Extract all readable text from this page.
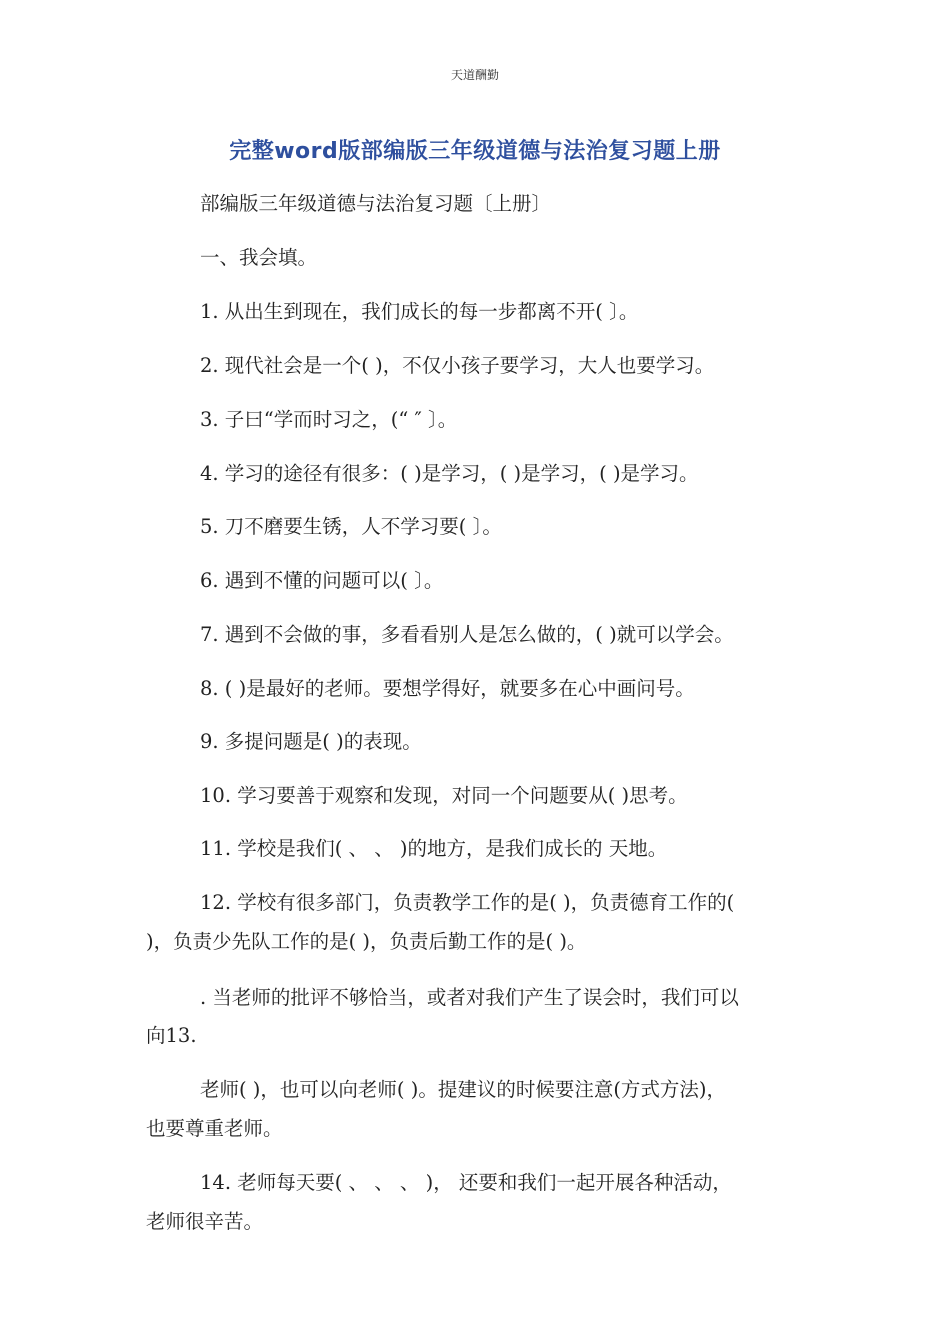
天道酬勤
完整word版部编版三年级道德与法治复习题上册
部编版三年级道德与法治复习题〔上册〕
一、我会填。
1. 从出生到现在，我们成长的每一步都离不开( 〕。
2. 现代社会是一个( )，不仅小孩子要学习，大人也要学习。
3. 子曰“学而时习之，(“ ″ 〕。
4. 学习的途径有很多：( )是学习，( )是学习，( )是学习。
5. 刀不磨要生锈，人不学习要( 〕。
6. 遇到不懂的问题可以( 〕。
7. 遇到不会做的事，多看看别人是怎么做的，( )就可以学会。
8. ( )是最好的老师。要想学得好，就要多在心中画问号。
9. 多提问题是( )的表现。
10. 学习要善于观察和发现，对同一个问题要从( )思考。
11. 学校是我们( 、 、 )的地方，是我们成长的 天地。
12. 学校有很多部门，负责教学工作的是( )，负责德育工作的(
)，负责少先队工作的是( )，负责后勤工作的是( )。
. 当老师的批评不够恰当，或者对我们产生了误会时，我们可以
向13.
老师( )，也可以向老师( )。提建议的时候要注意(方式方法)，
也要尊重老师。
14. 老师每天要( 、 、 、 )， 还要和我们一起开展各种活动，
老师很辛苦。
